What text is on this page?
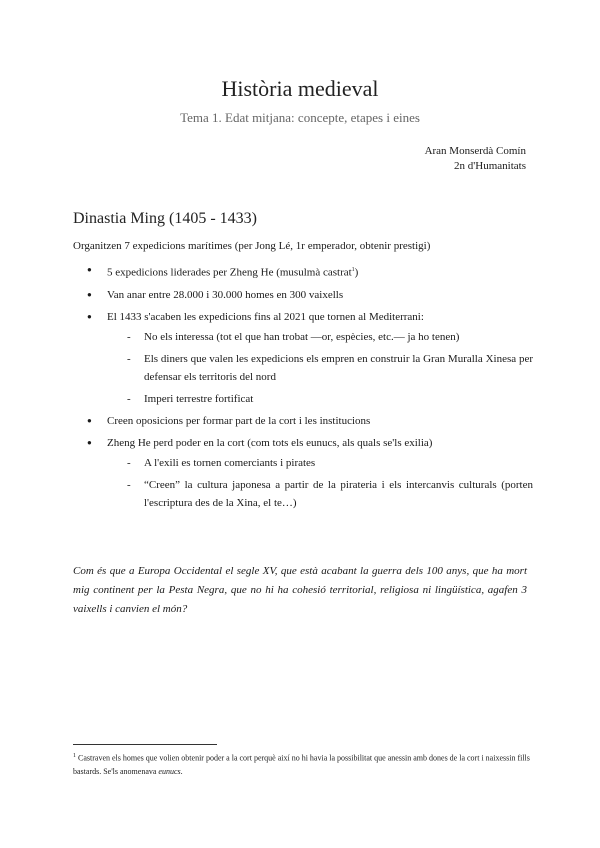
Història medieval

Tema 1. Edat mitjana: concepte, etapes i eines

Aran Monserdà Comín
2n d'Humanitats
Dinastia Ming (1405 - 1433)

Organitzen 7 expedicions marítimes (per Jong Lé, 1r emperador, obtenir prestigi)

● 5 expedicions liderades per Zheng He (musulmà castrat$^1$)
● Van anar entre 28.000 i 30.000 homes en 300 vaixells
● El 1433 s'acaben les expedicions fins al 2021 que tornen al Mediterrani:
- No els interessa (tot el que han trobat —or, espècies, etc.— ja ho tenen)
- Els diners que valen les expedicions els empren en construir la Gran Muralla Xinesa per defensar els territoris del nord
- Imperi terrestre fortificat
● Creen oposicions per formar part de la cort i les institucions
● Zheng He perd poder en la cort (com tots els eunucs, als quals se'ls exilia)
- A l'exili es tornen comerciants i pirates
- “Creen” la cultura japonesa a partir de la pirateria i els intercanvis culturals (porten l'escriptura des de la Xina, el te…)

Com és que a Europa Occidental el segle XV, que està acabant la guerra dels 100 anys, que ha mort mig continent per la Pesta Negra, que no hi ha cohesió territorial, religiosa ni lingüística, agafen 3 vaixells i canvien el món?

$^1$ Castraven els homes que volien obtenir poder a la cort perquè així no hi havia la possibilitat que anessin amb dones de la cort i naixessin fills bastards. Se'ls anomenava eunucs.
